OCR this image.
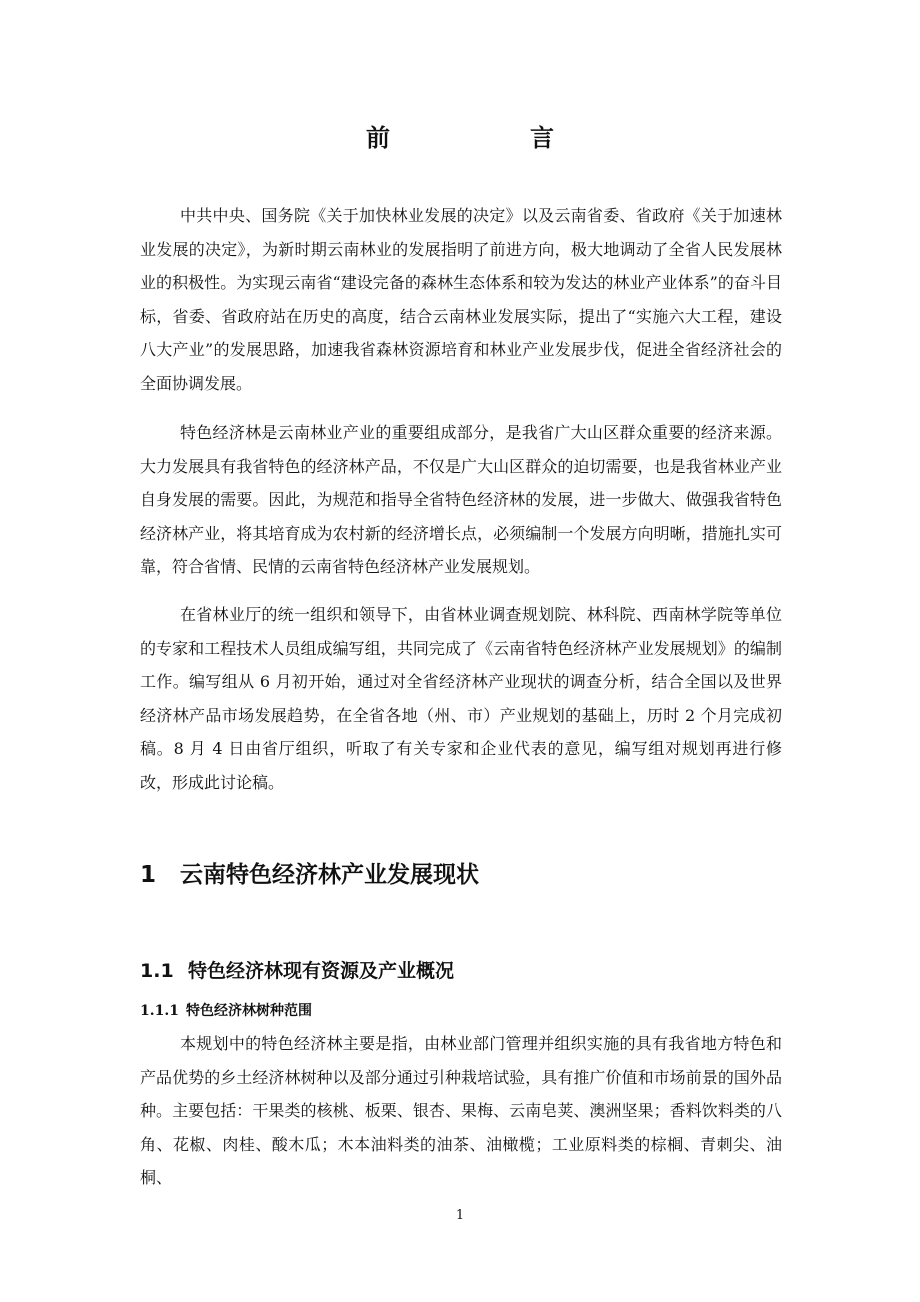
前　言

中共中央、国务院《关于加快林业发展的决定》以及云南省委、省政府《关于加速林业发展的决定》，为新时期云南林业的发展指明了前进方向，极大地调动了全省人民发展林业的积极性。为实现云南省“建设完备的森林生态体系和较为发达的林业产业体系”的奋斗目标，省委、省政府站在历史的高度，结合云南林业发展实际，提出了“实施六大工程，建设八大产业”的发展思路，加速我省森林资源培育和林业产业发展步伐，促进全省经济社会的全面协调发展。

特色经济林是云南林业产业的重要组成部分，是我省广大山区群众重要的经济来源。大力发展具有我省特色的经济林产品，不仅是广大山区群众的迫切需要，也是我省林业产业自身发展的需要。因此，为规范和指导全省特色经济林的发展，进一步做大、做强我省特色经济林产业，将其培育成为农村新的经济增长点，必须编制一个发展方向明晰，措施扎实可靠，符合省情、民情的云南省特色经济林产业发展规划。

在省林业厅的统一组织和领导下，由省林业调查规划院、林科院、西南林学院等单位的专家和工程技术人员组成编写组，共同完成了《云南省特色经济林产业发展规划》的编制工作。编写组从 6 月初开始，通过对全省经济林产业现状的调查分析，结合全国以及世界经济林产品市场发展趋势，在全省各地（州、市）产业规划的基础上，历时 2 个月完成初稿。8 月 4 日由省厅组织，听取了有关专家和企业代表的意见，编写组对规划再进行修改，形成此讨论稿。

1 云南特色经济林产业发展现状
1.1 特色经济林现有资源及产业概况
1.1.1 特色经济林树种范围

本规划中的特色经济林主要是指，由林业部门管理并组织实施的具有我省地方特色和产品优势的乡土经济林树种以及部分通过引种栽培试验，具有推广价值和市场前景的国外品种。主要包括：干果类的核桃、板栗、银杏、果梅、云南皂荚、澳洲坚果；香料饮料类的八角、花椒、肉桂、酸木瓜；木本油料类的油茶、油橄榄；工业原料类的棕榈、青刺尖、油桐、

1
